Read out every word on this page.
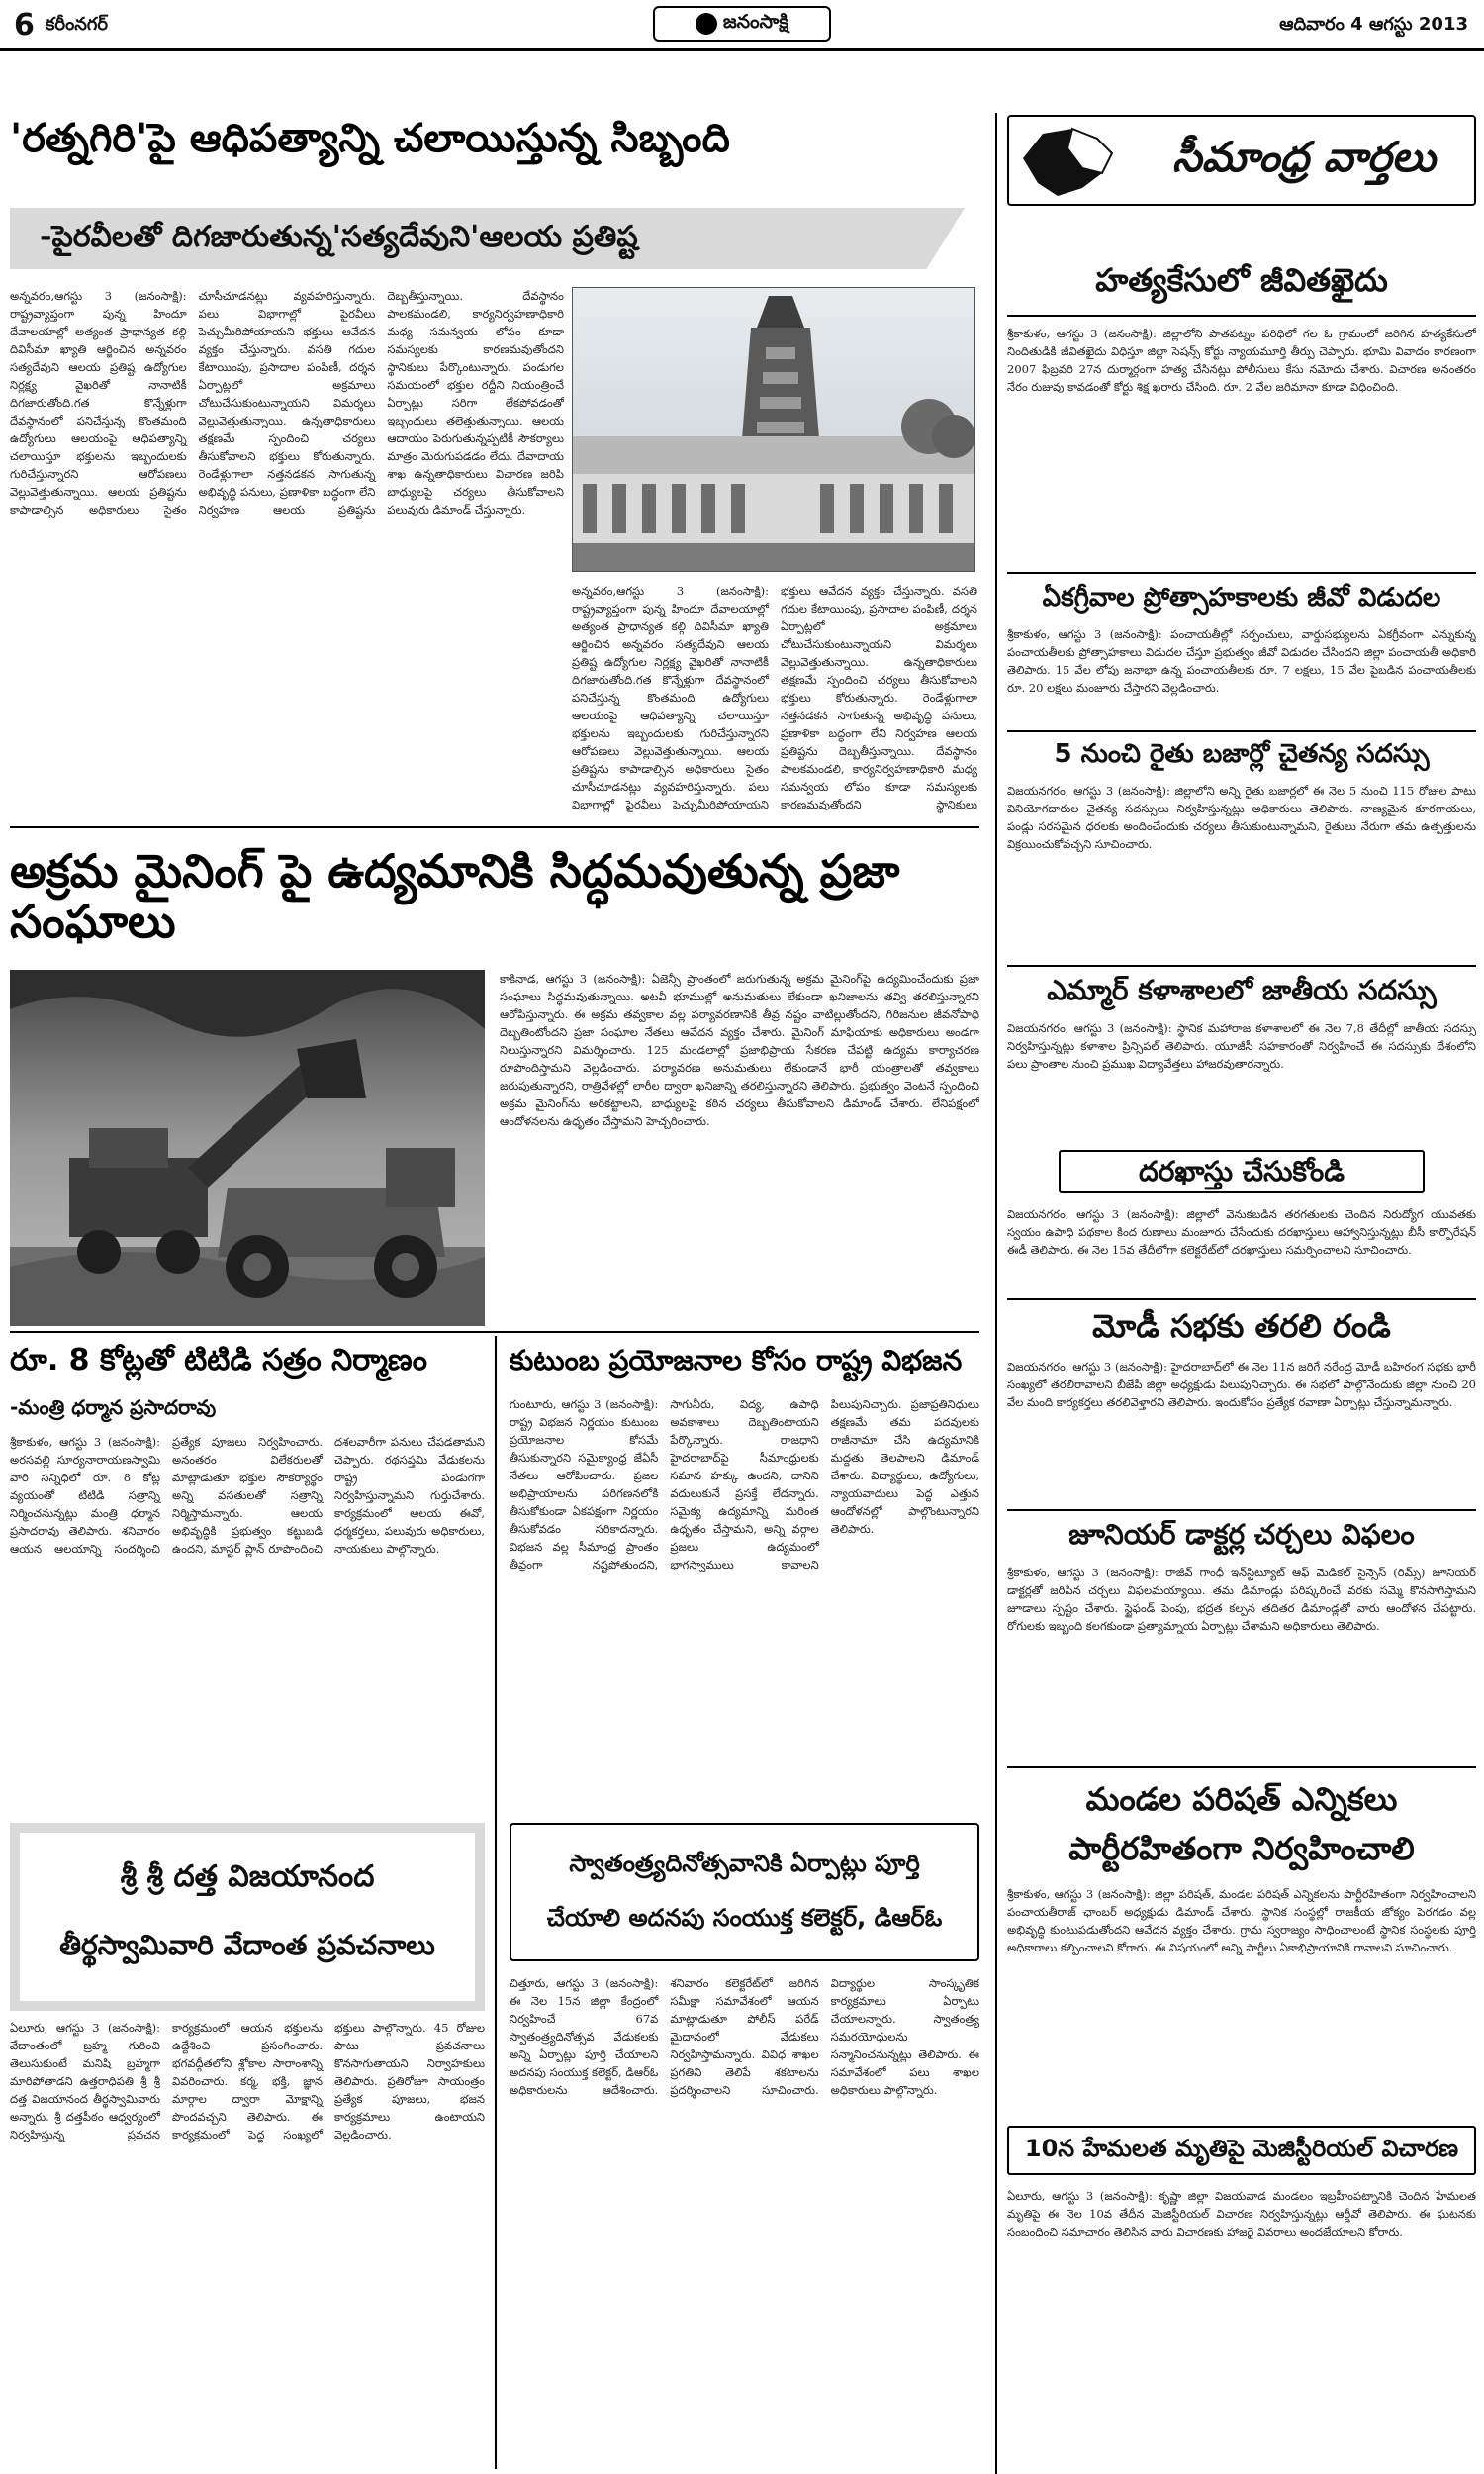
6 కరీంనగర్	జనంసాక్షి	ఆదివారం 4 ఆగస్టు 2013
'రత్నగిరి'పై ఆధిపత్యాన్ని చలాయిస్తున్న సిబ్బంది
-పైరవీలతో దిగజారుతున్న'సత్యదేవుని'ఆలయ ప్రతిష్ట
అన్నవరం,ఆగస్టు 3 (జనంసాక్షి): రాష్ట్రవ్యాప్తంగా పున్న హిందూ దేవాలయాల్లో అత్యంత ప్రాధాన్యత కల్గి దివిసీమా ఖ్యాతి ఆర్జించిన అన్నవరం సత్యదేవుని ఆలయ ప్రతిష్ట ఉద్యోగుల నిర్లక్ష్య వైఖరితో నానాటికీ దిగజారుతోంది.గత కొన్నేళ్లుగా దేవస్థానంలో పనిచేస్తున్న కొంతమంది ఉద్యోగులు ఆలయంపై ఆధిపత్యాన్ని చలాయిస్తూ భక్తులను ఇబ్బందులకు గురిచేస్తున్నారని ఆరోపణలు వెల్లువెత్తుతున్నాయి. ఆలయ ప్రతిష్టను కాపాడాల్సిన అధికారులు సైతం చూసీచూడనట్లు వ్యవహరిస్తున్నారు. పలు విభాగాల్లో పైరవీలు పెచ్చుమీరిపోయాయని భక్తులు ఆవేదన వ్యక్తం చేస్తున్నారు. వసతి గదుల కేటాయింపు, ప్రసాదాల పంపిణీ, దర్శన ఏర్పాట్లలో అక్రమాలు చోటుచేసుకుంటున్నాయని విమర్శలు వెల్లువెత్తుతున్నాయి. ఉన్నతాధికారులు తక్షణమే స్పందించి చర్యలు తీసుకోవాలని భక్తులు కోరుతున్నారు. రెండేళ్లుగాలా నత్తనడకన సాగుతున్న అభివృద్ధి పనులు, ప్రణాళికా బద్ధంగా లేని నిర్వహణ ఆలయ ప్రతిష్టను దెబ్బతీస్తున్నాయి. దేవస్థానం పాలకమండలి, కార్యనిర్వహణాధికారి మధ్య సమన్వయ లోపం కూడా సమస్యలకు కారణమవుతోందని స్థానికులు పేర్కొంటున్నారు. పండుగల సమయంలో భక్తుల రద్దీని నియంత్రించే ఏర్పాట్లు సరిగా లేకపోవడంతో ఇబ్బందులు తలెత్తుతున్నాయి. ఆలయ ఆదాయం పెరుగుతున్నప్పటికీ సౌకర్యాలు మాత్రం మెరుగుపడడం లేదు. దేవాదాయ శాఖ ఉన్నతాధికారులు విచారణ జరిపి బాధ్యులపై చర్యలు తీసుకోవాలని పలువురు డిమాండ్ చేస్తున్నారు.
అన్నవరం,ఆగస్టు 3 (జనంసాక్షి): రాష్ట్రవ్యాప్తంగా పున్న హిందూ దేవాలయాల్లో అత్యంత ప్రాధాన్యత కల్గి దివిసీమా ఖ్యాతి ఆర్జించిన అన్నవరం సత్యదేవుని ఆలయ ప్రతిష్ట ఉద్యోగుల నిర్లక్ష్య వైఖరితో నానాటికీ దిగజారుతోంది.గత కొన్నేళ్లుగా దేవస్థానంలో పనిచేస్తున్న కొంతమంది ఉద్యోగులు ఆలయంపై ఆధిపత్యాన్ని చలాయిస్తూ భక్తులను ఇబ్బందులకు గురిచేస్తున్నారని ఆరోపణలు వెల్లువెత్తుతున్నాయి. ఆలయ ప్రతిష్టను కాపాడాల్సిన అధికారులు సైతం చూసీచూడనట్లు వ్యవహరిస్తున్నారు. పలు విభాగాల్లో పైరవీలు పెచ్చుమీరిపోయాయని భక్తులు ఆవేదన వ్యక్తం చేస్తున్నారు. వసతి గదుల కేటాయింపు, ప్రసాదాల పంపిణీ, దర్శన ఏర్పాట్లలో అక్రమాలు చోటుచేసుకుంటున్నాయని విమర్శలు వెల్లువెత్తుతున్నాయి. ఉన్నతాధికారులు తక్షణమే స్పందించి చర్యలు తీసుకోవాలని భక్తులు కోరుతున్నారు. రెండేళ్లుగాలా నత్తనడకన సాగుతున్న అభివృద్ధి పనులు, ప్రణాళికా బద్ధంగా లేని నిర్వహణ ఆలయ ప్రతిష్టను దెబ్బతీస్తున్నాయి. దేవస్థానం పాలకమండలి, కార్యనిర్వహణాధికారి మధ్య సమన్వయ లోపం కూడా సమస్యలకు కారణమవుతోందని స్థానికులు
అక్రమ మైనింగ్ పై ఉద్యమానికి సిద్ధమవుతున్న ప్రజా సంఘాలు
కాకినాడ, ఆగస్టు 3 (జనంసాక్షి): ఏజెన్సీ ప్రాంతంలో జరుగుతున్న అక్రమ మైనింగ్‌పై ఉద్యమించేందుకు ప్రజా సంఘాలు సిద్ధమవుతున్నాయి. అటవీ భూముల్లో అనుమతులు లేకుండా ఖనిజాలను తవ్వి తరలిస్తున్నారని ఆరోపిస్తున్నారు. ఈ అక్రమ తవ్వకాల వల్ల పర్యావరణానికి తీవ్ర నష్టం వాటిల్లుతోందని, గిరిజనుల జీవనోపాధి దెబ్బతింటోందని ప్రజా సంఘాల నేతలు ఆవేదన వ్యక్తం చేశారు. మైనింగ్ మాఫియాకు అధికారులు అండగా నిలుస్తున్నారని విమర్శించారు. 125 మండలాల్లో ప్రజాభిప్రాయ సేకరణ చేపట్టి ఉద్యమ కార్యాచరణ రూపొందిస్తామని వెల్లడించారు. పర్యావరణ అనుమతులు లేకుండానే భారీ యంత్రాలతో తవ్వకాలు జరుపుతున్నారని, రాత్రివేళల్లో లారీల ద్వారా ఖనిజాన్ని తరలిస్తున్నారని తెలిపారు. ప్రభుత్వం వెంటనే స్పందించి అక్రమ మైనింగ్‌ను అరికట్టాలని, బాధ్యులపై కఠిన చర్యలు తీసుకోవాలని డిమాండ్ చేశారు. లేనిపక్షంలో ఆందోళనలను ఉధృతం చేస్తామని హెచ్చరించారు.
రూ. 8 కోట్లతో టిటిడి సత్రం నిర్మాణం
-మంత్రి ధర్మాన ప్రసాదరావు
శ్రీకాకుళం, ఆగస్టు 3 (జనంసాక్షి): అరసవల్లి సూర్యనారాయణస్వామి వారి సన్నిధిలో రూ. 8 కోట్ల వ్యయంతో టిటిడి సత్రాన్ని నిర్మించనున్నట్లు మంత్రి ధర్మాన ప్రసాదరావు తెలిపారు. శనివారం ఆయన ఆలయాన్ని సందర్శించి ప్రత్యేక పూజలు నిర్వహించారు. అనంతరం విలేకరులతో మాట్లాడుతూ భక్తుల సౌకర్యార్థం అన్ని వసతులతో సత్రాన్ని నిర్మిస్తామన్నారు. ఆలయ అభివృద్ధికి ప్రభుత్వం కట్టుబడి ఉందని, మాస్టర్ ప్లాన్ రూపొందించి దశలవారీగా పనులు చేపడతామని చెప్పారు. రథసప్తమి వేడుకలను రాష్ట్ర పండుగగా నిర్వహిస్తున్నామని గుర్తుచేశారు. కార్యక్రమంలో ఆలయ ఈవో, ధర్మకర్తలు, పలువురు అధికారులు, నాయకులు పాల్గొన్నారు.
కుటుంబ ప్రయోజనాల కోసం రాష్ట్ర విభజన
గుంటూరు, ఆగస్టు 3 (జనంసాక్షి): రాష్ట్ర విభజన నిర్ణయం కుటుంబ ప్రయోజనాల కోసమే తీసుకున్నారని సమైక్యాంధ్ర జేఏసీ నేతలు ఆరోపించారు. ప్రజల అభిప్రాయాలను పరిగణనలోకి తీసుకోకుండా ఏకపక్షంగా నిర్ణయం తీసుకోవడం సరికాదన్నారు. విభజన వల్ల సీమాంధ్ర ప్రాంతం తీవ్రంగా నష్టపోతుందని, సాగునీరు, విద్య, ఉపాధి అవకాశాలు దెబ్బతింటాయని పేర్కొన్నారు. రాజధాని హైదరాబాద్‌పై సీమాంధ్రులకు సమాన హక్కు ఉందని, దానిని వదులుకునే ప్రసక్తే లేదన్నారు. సమైక్య ఉద్యమాన్ని మరింత ఉధృతం చేస్తామని, అన్ని వర్గాల ప్రజలు ఉద్యమంలో భాగస్వాములు కావాలని పిలుపునిచ్చారు. ప్రజాప్రతినిధులు తక్షణమే తమ పదవులకు రాజీనామా చేసి ఉద్యమానికి మద్దతు తెలపాలని డిమాండ్ చేశారు. విద్యార్థులు, ఉద్యోగులు, న్యాయవాదులు పెద్ద ఎత్తున ఆందోళనల్లో పాల్గొంటున్నారని తెలిపారు.
శ్రీ శ్రీ దత్త విజయానంద
తీర్థస్వామివారి వేదాంత ప్రవచనాలు
ఏలూరు, ఆగస్టు 3 (జనంసాక్షి): వేదాంతంలో బ్రహ్మ గురించి తెలుసుకుంటే మనిషి బ్రహ్మగా మారిపోతాడని ఉత్తరాధిపతి శ్రీ శ్రీ దత్త విజయానంద తీర్థస్వామివారు అన్నారు. శ్రీ దత్తపీఠం ఆధ్వర్యంలో నిర్వహిస్తున్న ప్రవచన కార్యక్రమంలో ఆయన భక్తులను ఉద్దేశించి ప్రసంగించారు. భగవద్గీతలోని శ్లోకాల సారాంశాన్ని వివరించారు. కర్మ, భక్తి, జ్ఞాన మార్గాల ద్వారా మోక్షాన్ని పొందవచ్చని తెలిపారు. ఈ కార్యక్రమంలో పెద్ద సంఖ్యలో భక్తులు పాల్గొన్నారు. 45 రోజుల పాటు ప్రవచనాలు కొనసాగుతాయని నిర్వాహకులు తెలిపారు. ప్రతిరోజూ సాయంత్రం ప్రత్యేక పూజలు, భజన కార్యక్రమాలు ఉంటాయని వెల్లడించారు.
స్వాతంత్ర్యదినోత్సవానికి ఏర్పాట్లు పూర్తి
చేయాలి అదనపు సంయుక్త కలెక్టర్, డిఆర్ఓ
చిత్తూరు, ఆగస్టు 3 (జనంసాక్షి): ఈ నెల 15న జిల్లా కేంద్రంలో నిర్వహించే 67వ స్వాతంత్ర్యదినోత్సవ వేడుకలకు అన్ని ఏర్పాట్లు పూర్తి చేయాలని అదనపు సంయుక్త కలెక్టర్, డిఆర్ఓ అధికారులను ఆదేశించారు. శనివారం కలెక్టరేట్‌లో జరిగిన సమీక్షా సమావేశంలో ఆయన మాట్లాడుతూ పోలీస్ పరేడ్ మైదానంలో వేడుకలు నిర్వహిస్తామన్నారు. వివిధ శాఖల ప్రగతిని తెలిపే శకటాలను ప్రదర్శించాలని సూచించారు. విద్యార్థుల సాంస్కృతిక కార్యక్రమాలు ఏర్పాటు చేయాలన్నారు. స్వాతంత్ర్య సమరయోధులను సన్మానించనున్నట్లు తెలిపారు. ఈ సమావేశంలో పలు శాఖల అధికారులు పాల్గొన్నారు.
సీమాంధ్ర వార్తలు
హత్యకేసులో జీవితఖైదు
శ్రీకాకుళం, ఆగస్టు 3 (జనంసాక్షి): జిల్లాలోని పాతపట్నం పరిధిలో గల ఓ గ్రామంలో జరిగిన హత్యకేసులో నిందితుడికి జీవితఖైదు విధిస్తూ జిల్లా సెషన్స్ కోర్టు న్యాయమూర్తి తీర్పు చెప్పారు. భూమి వివాదం కారణంగా 2007 ఫిబ్రవరి 27న దుర్మార్గంగా హత్య చేసినట్లు పోలీసులు కేసు నమోదు చేశారు. విచారణ అనంతరం నేరం రుజువు కావడంతో కోర్టు శిక్ష ఖరారు చేసింది. రూ. 2 వేల జరిమానా కూడా విధించింది.
ఏకగ్రీవాల ప్రోత్సాహకాలకు జీవో విడుదల
శ్రీకాకుళం, ఆగస్టు 3 (జనంసాక్షి): పంచాయతీల్లో సర్పంచులు, వార్డుసభ్యులను ఏకగ్రీవంగా ఎన్నుకున్న పంచాయతీలకు ప్రోత్సాహకాలు విడుదల చేస్తూ ప్రభుత్వం జీవో విడుదల చేసిందని జిల్లా పంచాయతీ అధికారి తెలిపారు. 15 వేల లోపు జనాభా ఉన్న పంచాయతీలకు రూ. 7 లక్షలు, 15 వేల పైబడిన పంచాయతీలకు రూ. 20 లక్షలు మంజూరు చేస్తారని వెల్లడించారు.
5 నుంచి రైతు బజార్లో చైతన్య సదస్సు
విజయనగరం, ఆగస్టు 3 (జనంసాక్షి): జిల్లాలోని అన్ని రైతు బజార్లలో ఈ నెల 5 నుంచి 115 రోజుల పాటు వినియోగదారుల చైతన్య సదస్సులు నిర్వహిస్తున్నట్లు అధికారులు తెలిపారు. నాణ్యమైన కూరగాయలు, పండ్లు సరసమైన ధరలకు అందించేందుకు చర్యలు తీసుకుంటున్నామని, రైతులు నేరుగా తమ ఉత్పత్తులను విక్రయించుకోవచ్చని సూచించారు.
ఎమ్మార్ కళాశాలలో జాతీయ సదస్సు
విజయనగరం, ఆగస్టు 3 (జనంసాక్షి): స్థానిక మహారాజ కళాశాలలో ఈ నెల 7,8 తేదీల్లో జాతీయ సదస్సు నిర్వహిస్తున్నట్లు కళాశాల ప్రిన్సిపల్ తెలిపారు. యూజీసీ సహకారంతో నిర్వహించే ఈ సదస్సుకు దేశంలోని పలు ప్రాంతాల నుంచి ప్రముఖ విద్యావేత్తలు హాజరవుతారన్నారు.
దరఖాస్తు చేసుకోండి
విజయనగరం, ఆగస్టు 3 (జనంసాక్షి): జిల్లాలో వెనుకబడిన తరగతులకు చెందిన నిరుద్యోగ యువతకు స్వయం ఉపాధి పథకాల కింద రుణాలు మంజూరు చేసేందుకు దరఖాస్తులు ఆహ్వానిస్తున్నట్లు బీసీ కార్పొరేషన్ ఈడీ తెలిపారు. ఈ నెల 15వ తేదీలోగా కలెక్టరేట్‌లో దరఖాస్తులు సమర్పించాలని సూచించారు.
మోడీ సభకు తరలి రండి
విజయనగరం, ఆగస్టు 3 (జనంసాక్షి): హైదరాబాద్‌లో ఈ నెల 11న జరిగే నరేంద్ర మోడీ బహిరంగ సభకు భారీ సంఖ్యలో తరలిరావాలని బీజేపీ జిల్లా అధ్యక్షుడు పిలుపునిచ్చారు. ఈ సభలో పాల్గొనేందుకు జిల్లా నుంచి 20 వేల మంది కార్యకర్తలు తరలివెళ్తారని తెలిపారు. ఇందుకోసం ప్రత్యేక రవాణా ఏర్పాట్లు చేస్తున్నామన్నారు.
జూనియర్ డాక్టర్ల చర్చలు విఫలం
శ్రీకాకుళం, ఆగస్టు 3 (జనంసాక్షి): రాజీవ్ గాంధీ ఇన్‌స్టిట్యూట్ ఆఫ్ మెడికల్ సైన్సెస్ (రిమ్స్) జూనియర్ డాక్టర్లతో జరిపిన చర్చలు విఫలమయ్యాయి. తమ డిమాండ్లు పరిష్కరించే వరకు సమ్మె కొనసాగిస్తామని జూడాలు స్పష్టం చేశారు. స్టైఫండ్ పెంపు, భద్రత కల్పన తదితర డిమాండ్లతో వారు ఆందోళన చేపట్టారు. రోగులకు ఇబ్బంది కలగకుండా ప్రత్యామ్నాయ ఏర్పాట్లు చేశామని అధికారులు తెలిపారు.
మండల పరిషత్ ఎన్నికలు
పార్టీరహితంగా నిర్వహించాలి
శ్రీకాకుళం, ఆగస్టు 3 (జనంసాక్షి): జిల్లా పరిషత్, మండల పరిషత్ ఎన్నికలను పార్టీరహితంగా నిర్వహించాలని పంచాయతీరాజ్ ఛాంబర్ అధ్యక్షుడు డిమాండ్ చేశారు. స్థానిక సంస్థల్లో రాజకీయ జోక్యం పెరగడం వల్ల అభివృద్ధి కుంటుపడుతోందని ఆవేదన వ్యక్తం చేశారు. గ్రామ స్వరాజ్యం సాధించాలంటే స్థానిక సంస్థలకు పూర్తి అధికారాలు కల్పించాలని కోరారు. ఈ విషయంలో అన్ని పార్టీలు ఏకాభిప్రాయానికి రావాలని సూచించారు.
10న హేమలత మృతిపై మెజిస్టీరియల్ విచారణ
ఏలూరు, ఆగస్టు 3 (జనంసాక్షి): కృష్ణా జిల్లా విజయవాడ మండలం ఇబ్రహీంపట్నానికి చెందిన హేమలత మృతిపై ఈ నెల 10వ తేదీన మెజిస్టీరియల్ విచారణ నిర్వహిస్తున్నట్లు ఆర్డీవో తెలిపారు. ఈ ఘటనకు సంబంధించి సమాచారం తెలిసిన వారు విచారణకు హాజరై వివరాలు అందజేయాలని కోరారు.
